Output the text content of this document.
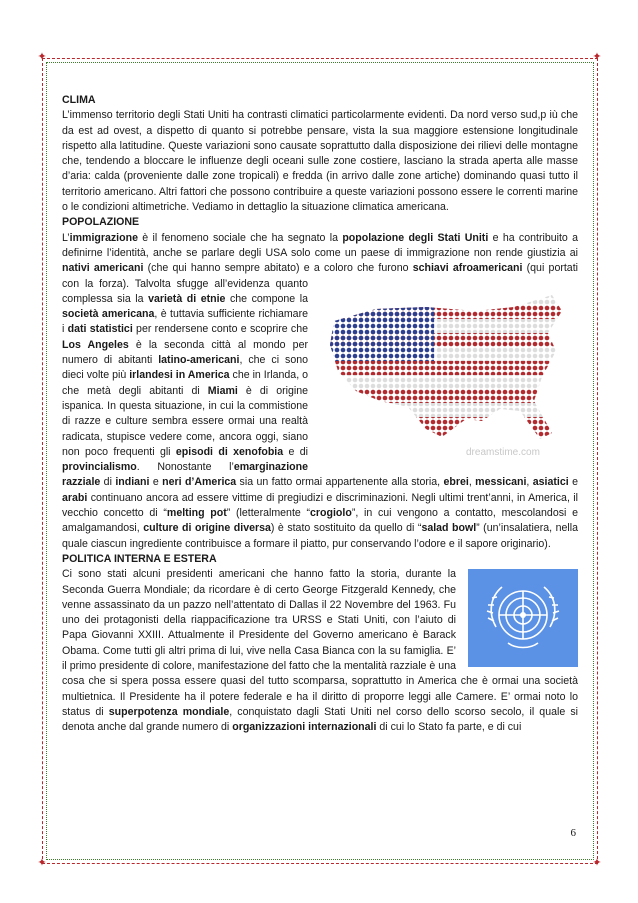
✦	✦
✦	✦
CLIMA

L’immenso territorio degli Stati Uniti ha contrasti climatici particolarmente evidenti. Da nord verso sud,p iù che da est ad ovest, a dispetto di quanto si potrebbe pensare, vista la sua maggiore estensione longitudinale rispetto alla latitudine. Queste variazioni sono causate soprattutto dalla disposizione dei rilievi delle montagne che, tendendo a bloccare le influenze degli oceani sulle zone costiere, lasciano la strada aperta alle masse d’aria: calda (proveniente dalle zone tropicali) e fredda (in arrivo dalle zone artiche) dominando quasi tutto il territorio americano. Altri fattori che possono contribuire a queste variazioni possono essere le correnti marine o le condizioni altimetriche. Vediamo in dettaglio la situazione climatica americana.

POPOLAZIONE

L’immigrazione è il fenomeno sociale che ha segnato la popolazione degli Stati Uniti e ha contribuito a definirne l’identità, anche se parlare degli USA solo come un paese di immigrazione non rende giustizia ai nativi americani (che qui hanno sempre abitato) e a coloro che furono
dreamstime.com
schiavi afroamericani (qui portati con la forza). Talvolta sfugge all’evidenza quanto complessa sia la varietà di etnie che compone la società americana, è tuttavia sufficiente richiamare i dati statistici per rendersene conto e scoprire che Los Angeles è la seconda città al mondo per numero di abitanti latino-americani, che ci sono dieci volte più irlandesi in America che in Irlanda, o che metà degli abitanti di Miami è di origine ispanica. In questa situazione, in cui la commistione di razze e culture sembra essere ormai una realtà radicata, stupisce vedere come, ancora oggi, siano non poco frequenti gli episodi di xenofobia e di provincialismo. Nonostante l’emarginazione razziale di indiani e neri d’America sia un fatto ormai appartenente alla storia, ebrei, messicani, asiatici e arabi continuano ancora ad essere vittime di pregiudizi e discriminazioni. Negli ultimi trent’anni, in America, il vecchio concetto di “melting pot” (letteralmente “crogiolo”, in cui vengono a contatto, mescolandosi e amalgamandosi, culture di origine diversa) è stato sostituito da quello di “salad bowl” (un’insalatiera, nella quale ciascun ingrediente contribuisce a formare il piatto, pur conservando l’odore e il sapore originario).

POLITICA INTERNA E ESTERA

Ci sono stati alcuni presidenti americani che hanno fatto la storia, durante la Seconda Guerra Mondiale; da ricordare è di certo George Fitzgerald Kennedy, che venne assassinato da un pazzo nell’attentato di Dallas il 22 Novembre del 1963. Fu uno dei protagonisti della riappacificazione tra URSS e Stati Uniti, con l’aiuto di Papa Giovanni XXIII. Attualmente il Presidente del Governo americano è Barack Obama. Come tutti gli altri prima di lui, vive nella Casa Bianca con la su famiglia. E’ il primo presidente di colore, manifestazione del fatto che la mentalità razziale è una cosa che si spera possa essere quasi del tutto scomparsa, soprattutto in America che è ormai una società multietnica. Il Presidente ha il potere federale e ha il diritto di proporre leggi alle Camere. E’ ormai noto lo status di superpotenza mondiale, conquistato dagli Stati Uniti nel corso dello scorso secolo, il quale si denota anche dal grande numero di organizzazioni internazionali di cui lo Stato fa parte, e di cui

6
